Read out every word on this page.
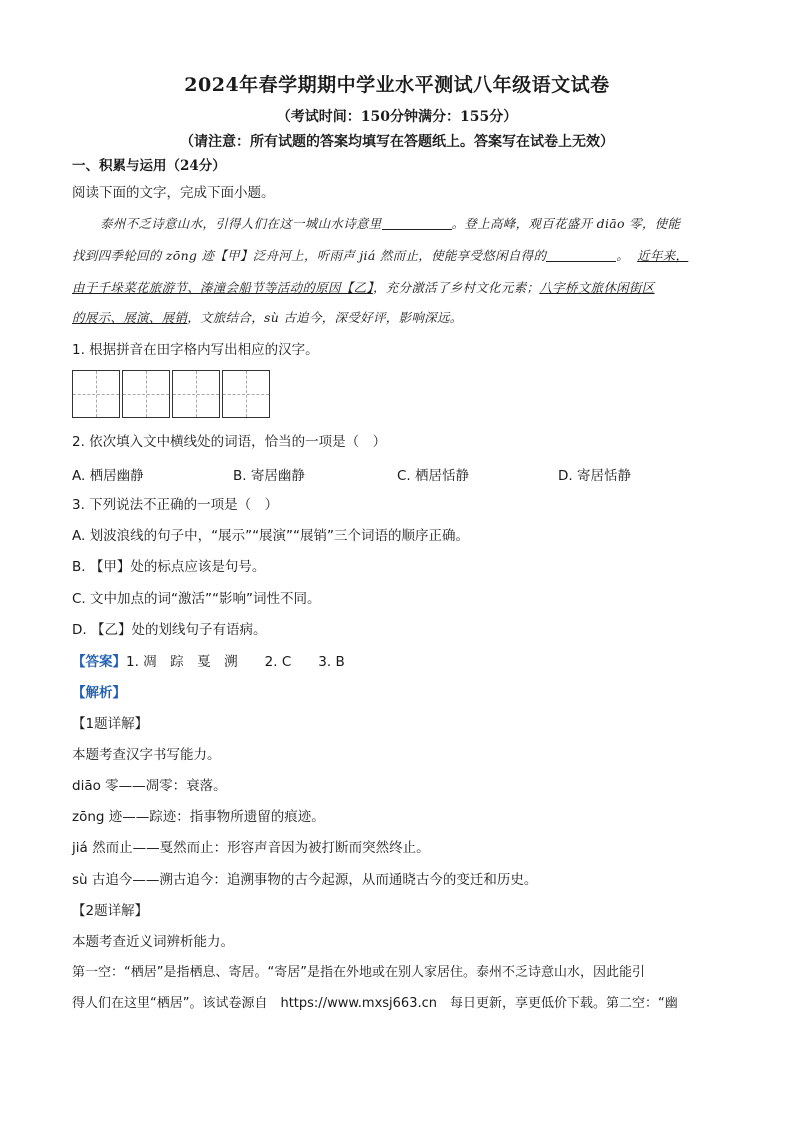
2024年春学期期中学业水平测试八年级语文试卷
（考试时间：150分钟满分：155分）
（请注意：所有试题的答案均填写在答题纸上。答案写在试卷上无效）
一、积累与运用（24分）
阅读下面的文字，完成下面小题。
泰州不乏诗意山水，引得人们在这一城山水诗意里	。登上高峰，观百花盛开 diāo 零，使能
找到四季轮回的 zōng 迹【甲】泛舟河上，听雨声 jiá 然而止，使能享受悠闲自得的	。 近年来，
由于千垛菜花旅游节、溱潼会船节等活动的原因【乙】，充分激活了乡村文化元素；八字桥文旅休闲街区
的展示、展演、展销，文旅结合，sù 古追今，深受好评，影响深远。
1. 根据拼音在田字格内写出相应的汉字。
2. 依次填入文中横线处的词语，恰当的一项是（　）
A. 栖居幽静	B. 寄居幽静	C. 栖居恬静	D. 寄居恬静
3. 下列说法不正确的一项是（　）
A. 划波浪线的句子中，“展示”“展演”“展销”三个词语的顺序正确。
B. 【甲】处的标点应该是句号。
C. 文中加点的词“激活”“影响”词性不同。
D. 【乙】处的划线句子有语病。
【答案】1. 凋　踪　戛　溯　　2. C　　3. B
【解析】
【1题详解】
本题考查汉字书写能力。
diāo 零——凋零：衰落。
zōng 迹——踪迹：指事物所遗留的痕迹。
jiá 然而止——戛然而止：形容声音因为被打断而突然终止。
sù 古追今——溯古追今：追溯事物的古今起源，从而通晓古今的变迁和历史。
【2题详解】
本题考查近义词辨析能力。
第一空：“栖居”是指栖息、寄居。“寄居”是指在外地或在别人家居住。泰州不乏诗意山水，因此能引
得人们在这里“栖居”。该试卷源自　https://www.mxsj663.cn　每日更新，享更低价下载。第二空：“幽
